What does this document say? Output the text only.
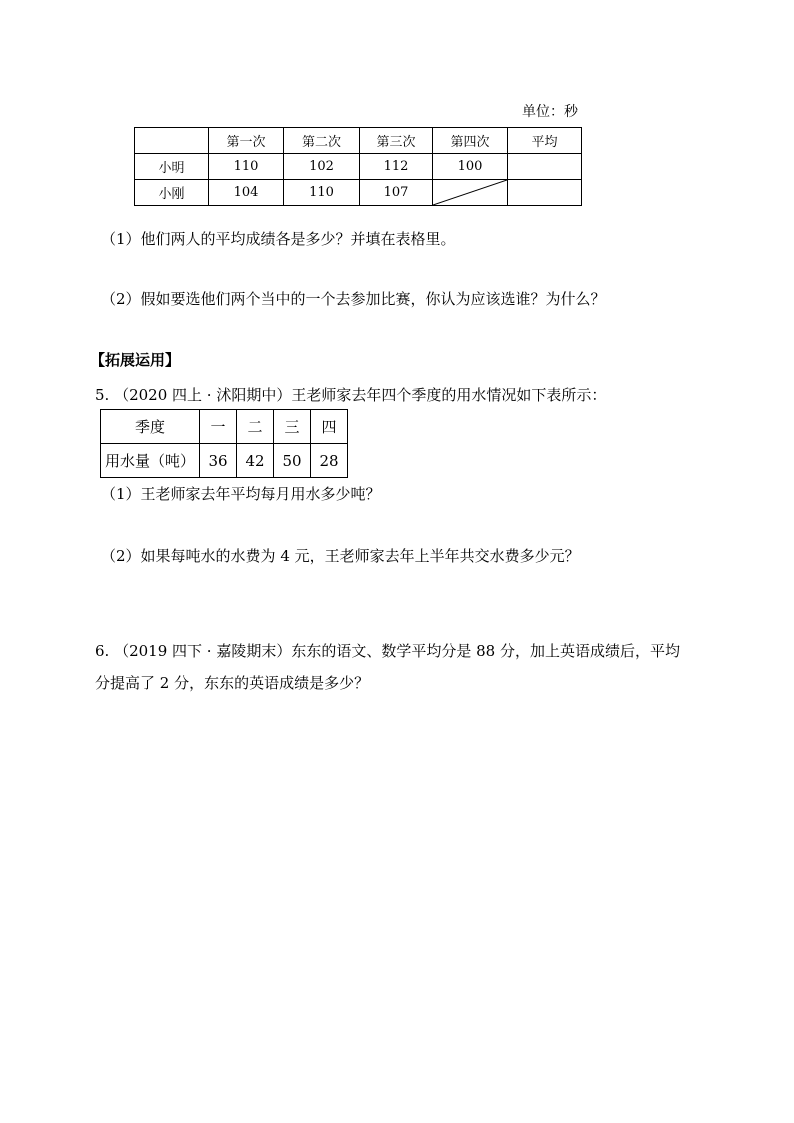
单位：秒
	第一次	第二次	第三次	第四次	平均
小明	110	102	112	100	
小刚	104	110	107	

（1）他们两人的平均成绩各是多少？并填在表格里。
（2）假如要选他们两个当中的一个去参加比赛，你认为应该选谁？为什么？
【拓展运用】
5. （2020 四上 · 沭阳期中）王老师家去年四个季度的用水情况如下表所示：
季度	一	二	三	四
用水量（吨）	36	42	50	28
（1）王老师家去年平均每月用水多少吨？
（2）如果每吨水的水费为 4 元，王老师家去年上半年共交水费多少元？
6. （2019 四下 · 嘉陵期末）东东的语文、数学平均分是 88 分，加上英语成绩后，平均
分提高了 2 分，东东的英语成绩是多少？
